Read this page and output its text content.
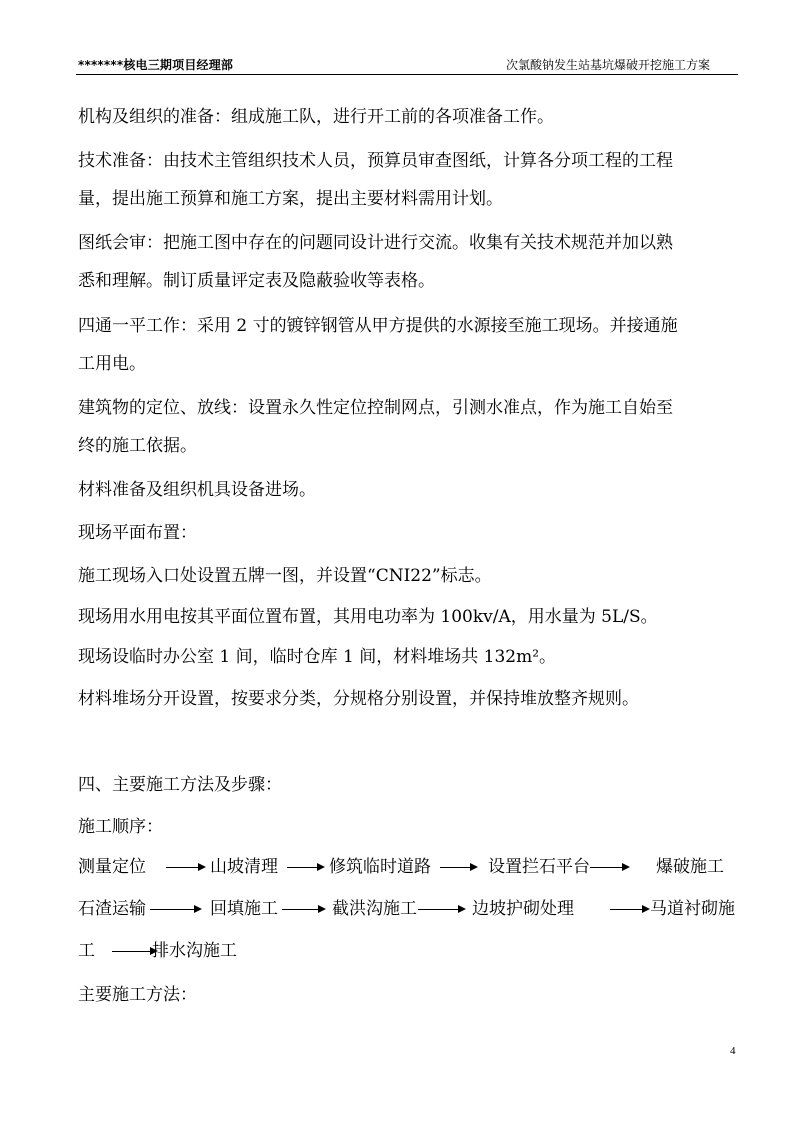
*******核电三期项目经理部	次氯酸钠发生站基坑爆破开挖施工方案
机构及组织的准备：组成施工队，进行开工前的各项准备工作。
技术准备：由技术主管组织技术人员，预算员审查图纸，计算各分项工程的工程
量，提出施工预算和施工方案，提出主要材料需用计划。
图纸会审：把施工图中存在的问题同设计进行交流。收集有关技术规范并加以熟
悉和理解。制订质量评定表及隐蔽验收等表格。
四通一平工作：采用 2 寸的镀锌钢管从甲方提供的水源接至施工现场。并接通施
工用电。
建筑物的定位、放线：设置永久性定位控制网点，引测水准点，作为施工自始至
终的施工依据。
材料准备及组织机具设备进场。
现场平面布置：
施工现场入口处设置五牌一图，并设置“CNI22”标志。
现场用水用电按其平面位置布置，其用电功率为 100kv/A，用水量为 5L/S。
现场设临时办公室 1 间，临时仓库 1 间，材料堆场共 132m²。
材料堆场分开设置，按要求分类，分规格分别设置，并保持堆放整齐规则。
四、主要施工方法及步骤：
施工顺序：
测量定位	山坡清理	修筑临时道路	设置拦石平台	爆破施工
石渣运输	回填施工	截洪沟施工	边坡护砌处理	马道衬砌施
工	排水沟施工
主要施工方法：
4
